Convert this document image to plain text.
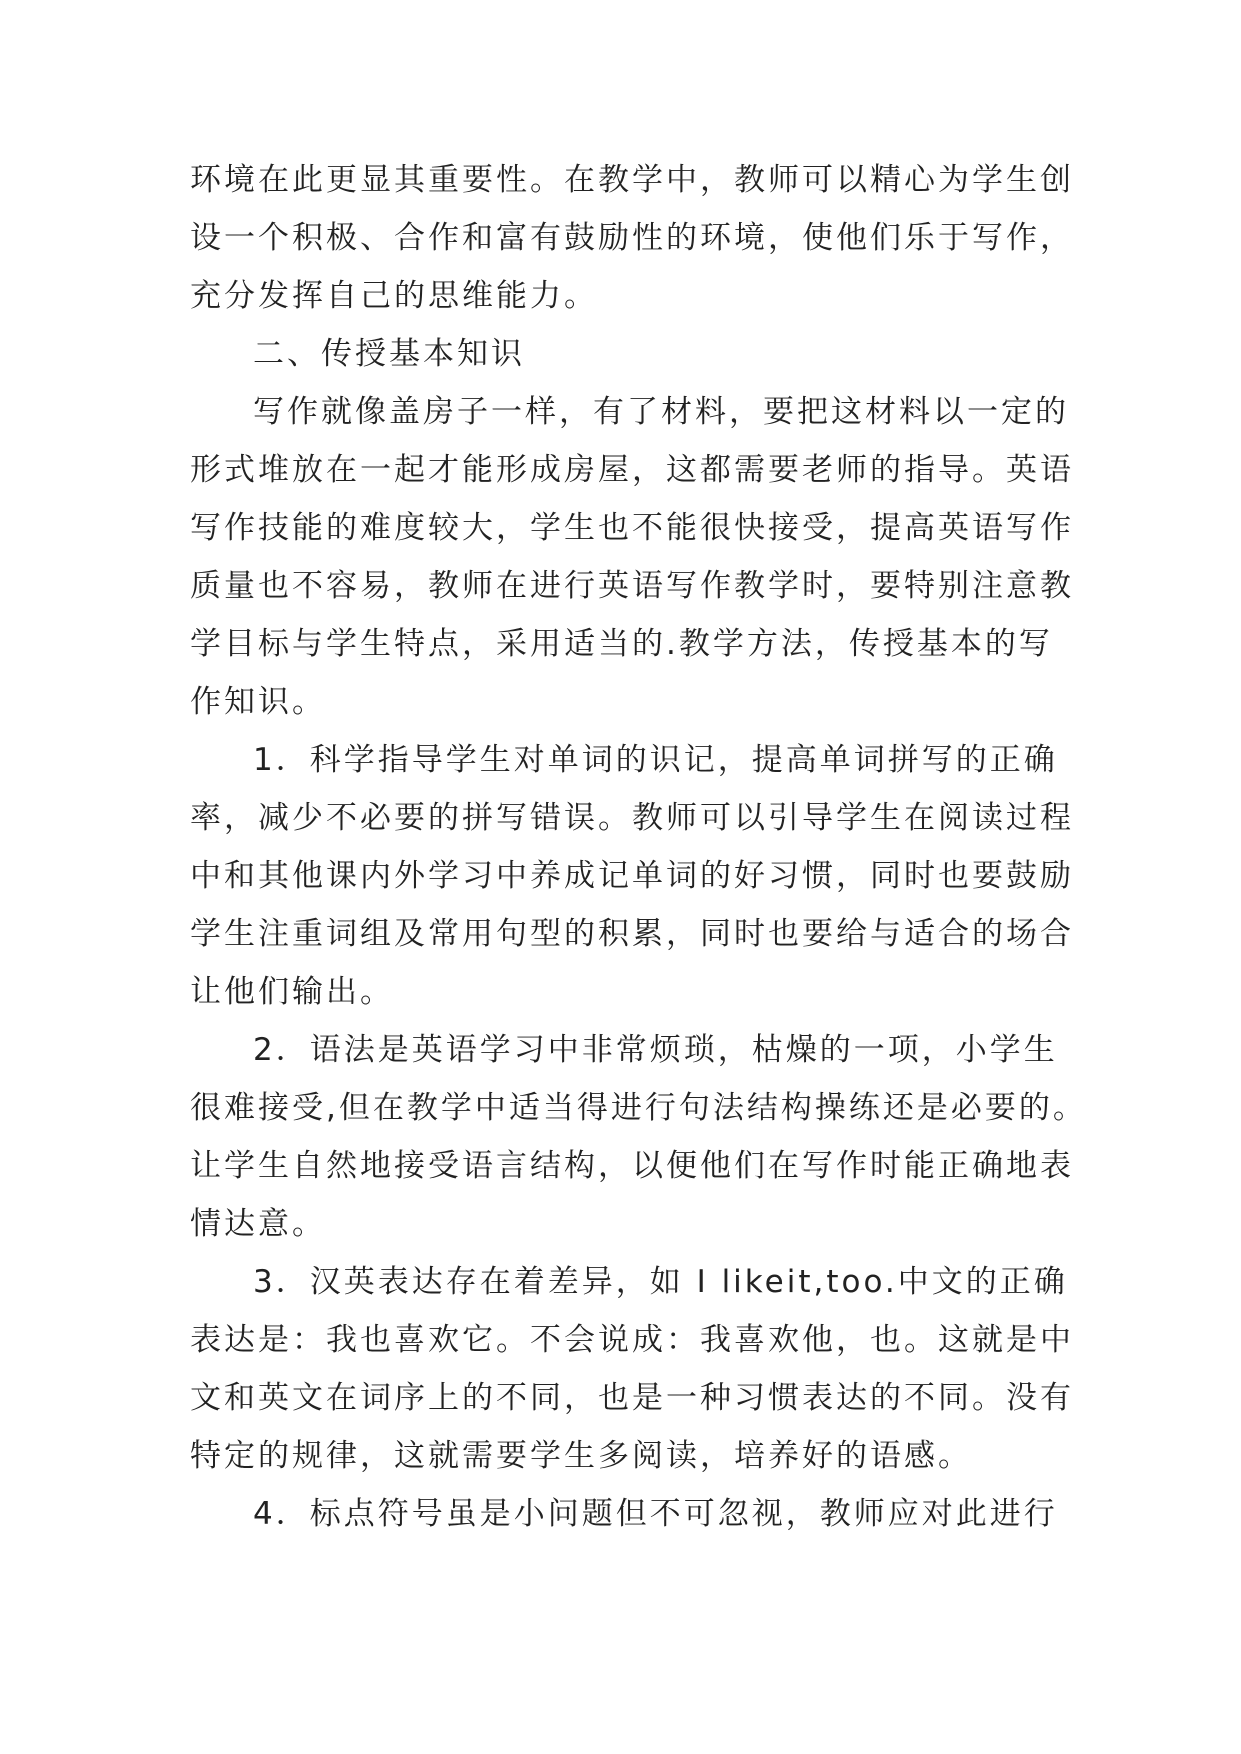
环境在此更显其重要性。在教学中，教师可以精心为学生创

设一个积极、合作和富有鼓励性的环境，使他们乐于写作，

充分发挥自己的思维能力。

二、传授基本知识

写作就像盖房子一样，有了材料，要把这材料以一定的

形式堆放在一起才能形成房屋，这都需要老师的指导。英语

写作技能的难度较大，学生也不能很快接受，提高英语写作

质量也不容易，教师在进行英语写作教学时，要特别注意教

学目标与学生特点，采用适当的.教学方法，传授基本的写

作知识。

1．科学指导学生对单词的识记，提高单词拼写的正确

率，减少不必要的拼写错误。教师可以引导学生在阅读过程

中和其他课内外学习中养成记单词的好习惯，同时也要鼓励

学生注重词组及常用句型的积累，同时也要给与适合的场合

让他们输出。

2．语法是英语学习中非常烦琐，枯燥的一项，小学生

很难接受,但在教学中适当得进行句法结构操练还是必要的。

让学生自然地接受语言结构，以便他们在写作时能正确地表

情达意。

3．汉英表达存在着差异，如 I likeit,too.中文的正确

表达是：我也喜欢它。不会说成：我喜欢他，也。这就是中

文和英文在词序上的不同，也是一种习惯表达的不同。没有

特定的规律，这就需要学生多阅读，培养好的语感。

4．标点符号虽是小问题但不可忽视，教师应对此进行
